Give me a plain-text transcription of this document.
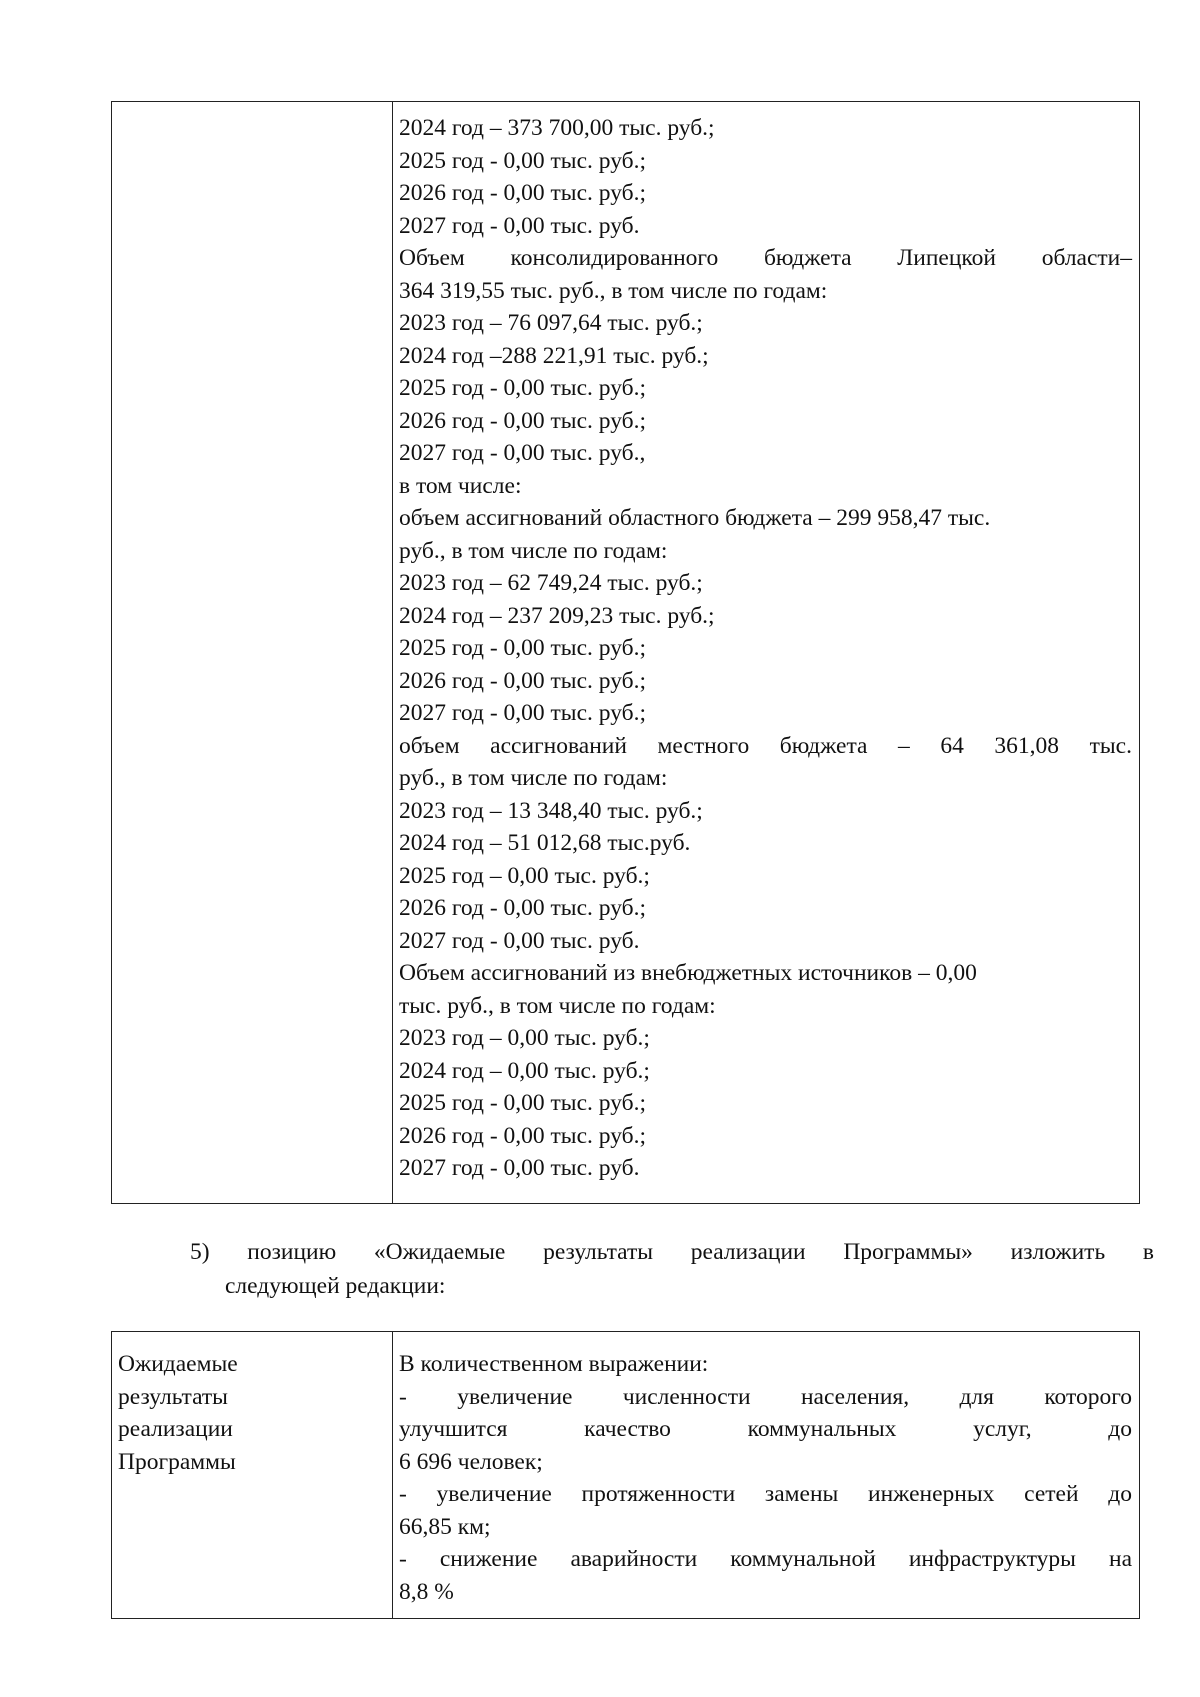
2024 год – 373 700,00 тыс. руб.;
2025 год - 0,00 тыс. руб.;
2026 год - 0,00 тыс. руб.;
2027 год - 0,00 тыс. руб.
Объем консолидированного бюджета Липецкой области–
364 319,55 тыс. руб., в том числе по годам:
2023 год – 76 097,64 тыс. руб.;
2024 год –288 221,91 тыс. руб.;
2025 год - 0,00 тыс. руб.;
2026 год - 0,00 тыс. руб.;
2027 год - 0,00 тыс. руб.,
в том числе:
объем ассигнований областного бюджета – 299 958,47 тыс.
руб., в том числе по годам:
2023 год – 62 749,24 тыс. руб.;
2024 год – 237 209,23 тыс. руб.;
2025 год - 0,00 тыс. руб.;
2026 год - 0,00 тыс. руб.;
2027 год - 0,00 тыс. руб.;
объем ассигнований местного бюджета – 64 361,08 тыс.
руб., в том числе по годам:
2023 год – 13 348,40 тыс. руб.;
2024 год – 51 012,68 тыс.руб.
2025 год – 0,00 тыс. руб.;
2026 год - 0,00 тыс. руб.;
2027 год - 0,00 тыс. руб.
Объем ассигнований из внебюджетных источников – 0,00
тыс. руб., в том числе по годам:
2023 год – 0,00 тыс. руб.;
2024 год – 0,00 тыс. руб.;
2025 год - 0,00 тыс. руб.;
2026 год - 0,00 тыс. руб.;
2027 год - 0,00 тыс. руб.
5) позицию «Ожидаемые результаты реализации Программы» изложить в
следующей редакции:
Ожидаемые
результаты
реализации
Программы
В количественном выражении:
- увеличение численности населения, для которого
улучшится качество коммунальных услуг, до
6 696 человек;
- увеличение протяженности замены инженерных сетей до
66,85 км;
- снижение аварийности коммунальной инфраструктуры на
8,8 %
